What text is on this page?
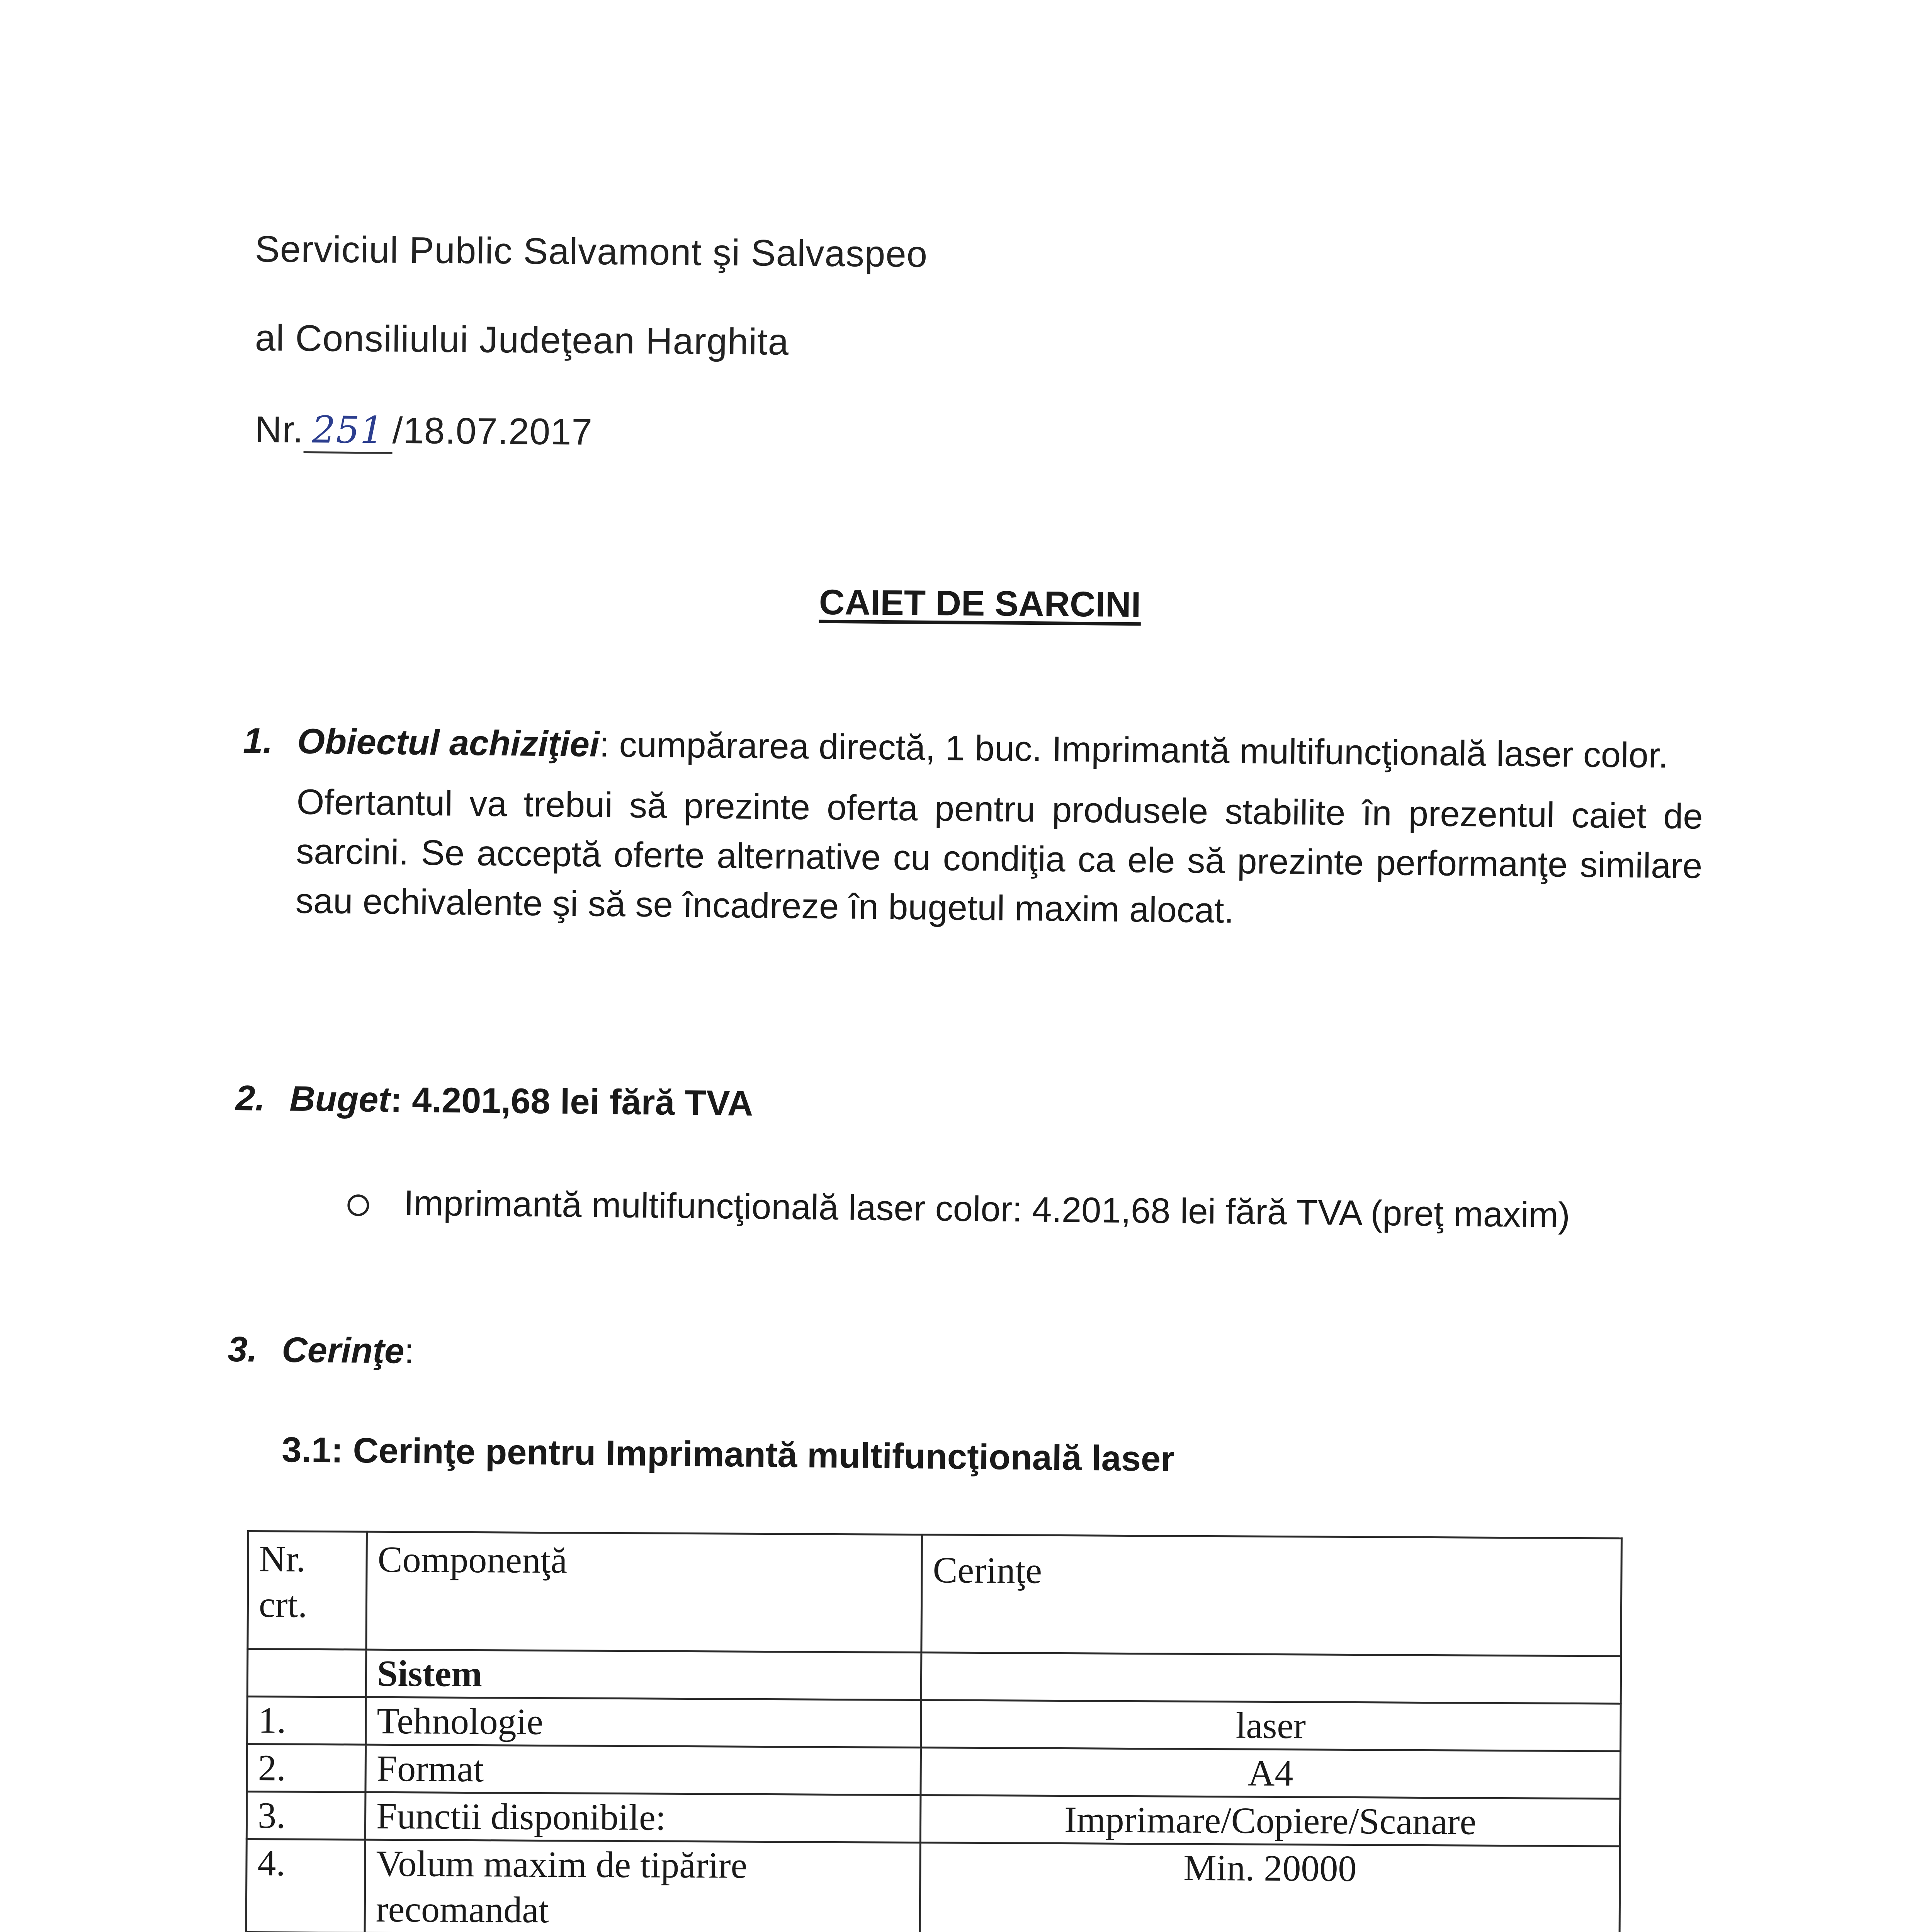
Serviciul Public Salvamont şi Salvaspeo
al Consiliului Judeţean Harghita
Nr. 251 /18.07.2017
CAIET DE SARCINI
1. Obiectul achiziţiei: cumpărarea directă, 1 buc. Imprimantă multifuncţională laser color.
Ofertantul va trebui să prezinte oferta pentru produsele stabilite în prezentul caiet de sarcini. Se acceptă oferte alternative cu condiţia ca ele să prezinte performanţe similare sau echivalente şi să se încadreze în bugetul maxim alocat.
2. Buget: 4.201,68 lei fără TVA
Imprimantă multifuncţională laser color: 4.201,68 lei fără TVA (preţ maxim)
3. Cerinţe:
3.1: Cerinţe pentru Imprimantă multifuncţională laser
Nr. crt.	Componenţă	Cerinţe
	Sistem	
1.	Tehnologie	laser
2.	Format	A4
3.	Functii disponibile:	Imprimare/Copiere/Scanare
4.	Volum maxim de tipărire recomandat	Min. 20000
